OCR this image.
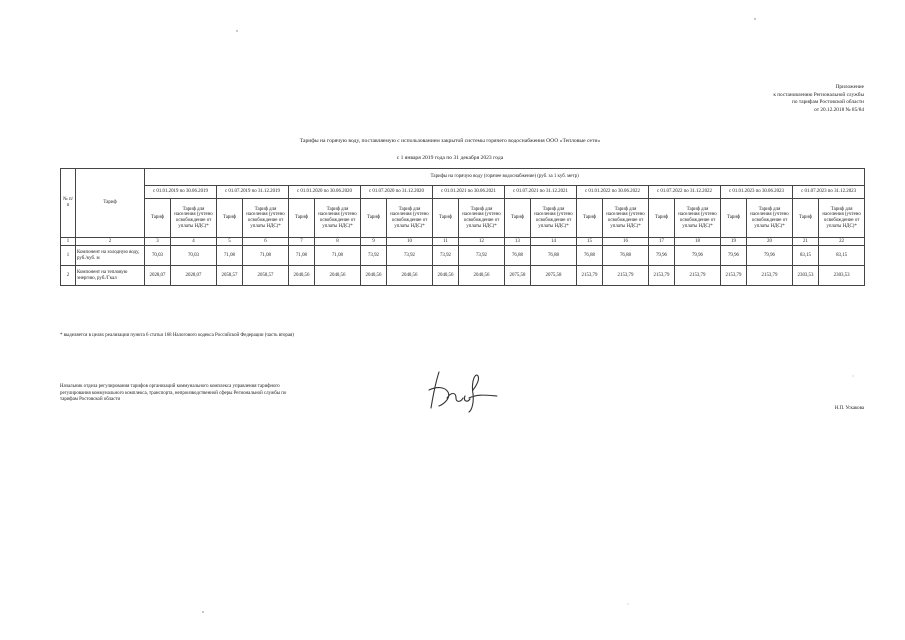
Приложение
к постановлению Региональной службы
по тарифам Ростовской области
от 20.12.2018 № 85/84
Тарифы на горячую воду, поставляемую с использованием закрытой системы горячего водоснабжения ООО «Тепловые сети»
с 1 января 2019 года по 31 декабря 2023 года
№ п/п	Тариф	Тарифы на горячую воду (горячее водоснабжение) (руб. за 1 куб. метр)																			
		с 01.01.2019 по 30.06.2019		с 01.07.2019 по 31.12.2019		с 01.01.2020 по 30.06.2020		с 01.07.2020 по 31.12.2020		с 01.01.2021 по 30.06.2021		с 01.07.2021 по 31.12.2021		с 01.01.2022 по 30.06.2022		с 01.07.2022 по 31.12.2022		с 01.01.2023 по 30.06.2023		с 01.07.2023 по 31.12.2023	
		Тариф	Тариф для населения (учтено освобождение от уплаты НДС)*	Тариф	Тариф для населения (учтено освобождение от уплаты НДС)*	Тариф	Тариф для населения (учтено освобождение от уплаты НДС)*	Тариф	Тариф для населения (учтено освобождение от уплаты НДС)*	Тариф	Тариф для населения (учтено освобождение от уплаты НДС)*	Тариф	Тариф для населения (учтено освобождение от уплаты НДС)*	Тариф	Тариф для населения (учтено освобождение от уплаты НДС)*	Тариф	Тариф для населения (учтено освобождение от уплаты НДС)*	Тариф	Тариф для населения (учтено освобождение от уплаты НДС)*	Тариф	Тариф для населения (учтено освобождение от уплаты НДС)*
1	2	3	4	5	6	7	8	9	10	11	12	13	14	15	16	17	18	19	20	21	22
1	Компонент на холодную воду, руб./куб. м	70,03	70,03	71,08	71,08	71,08	71,08	73,92	73,92	73,92	73,92	76,88	76,88	76,88	76,88	79,96	79,96	79,96	79,96	83,15	83,15
2	Компонент на тепловую энергию, руб./Гкал	2028,07	2028,07	2058,57	2058,57	2040,56	2040,56	2040,56	2040,56	2040,56	2040,56	2075,58	2075,58	2153,79	2153,79	2153,79	2153,79	2153,79	2153,79	2303,53	2303,53
* выделяется в целях реализации пункта 6 статьи 168 Налогового кодекса Российской Федерации (часть вторая)
Начальник отдела регулирования тарифов организаций коммунального комплекса управления тарифного регулирования коммунального комплекса, транспорта, непроизводственной сферы Региональной службы по тарифам Ростовской области
Н.П. Ускакова
